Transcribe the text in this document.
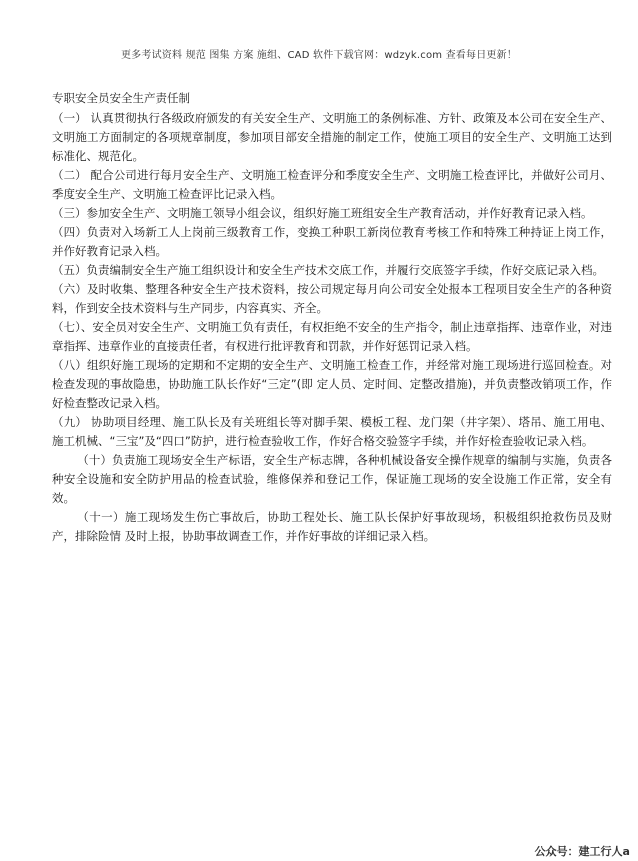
更多考试资料 规范 图集 方案 施组、CAD 软件下载官网：wdzyk.com 查看每日更新！
专职安全员安全生产责任制

（一） 认真贯彻执行各级政府颁发的有关安全生产、文明施工的条例标准、方针、政策及本公司在安全生产、文明施工方面制定的各项规章制度，参加项目部安全措施的制定工作，使施工项目的安全生产、文明施工达到标准化、规范化。

（二） 配合公司进行每月安全生产、文明施工检查评分和季度安全生产、文明施工检查评比，并做好公司月、季度安全生产、文明施工检查评比记录入档。

（三）参加安全生产、文明施工领导小组会议，组织好施工班组安全生产教育活动，并作好教育记录入档。

（四）负责对入场新工人上岗前三级教育工作，变换工种职工新岗位教育考核工作和特殊工种持证上岗工作，并作好教育记录入档。

（五）负责编制安全生产施工组织设计和安全生产技术交底工作，并履行交底签字手续，作好交底记录入档。

（六）及时收集、整理各种安全生产技术资料，按公司规定每月向公司安全处报本工程项目安全生产的各种资料，作到安全技术资料与生产同步，内容真实、齐全。

（七）、安全员对安全生产、文明施工负有责任，有权拒绝不安全的生产指令，制止违章指挥、违章作业，对违章指挥、违章作业的直接责任者，有权进行批评教育和罚款，并作好惩罚记录入档。

（八）组织好施工现场的定期和不定期的安全生产、文明施工检查工作，并经常对施工现场进行巡回检查。对检查发现的事故隐患，协助施工队长作好“三定”(即 定人员、定时间、定整改措施)，并负责整改销项工作，作好检查整改记录入档。

（九） 协助项目经理、施工队长及有关班组长等对脚手架、模板工程、龙门架（井字架）、塔吊、施工用电、施工机械、“三宝”及“四口”防护，进行检查验收工作，作好合格交验签字手续，并作好检查验收记录入档。

（十）负责施工现场安全生产标语，安全生产标志牌，各种机械设备安全操作规章的编制与实施，负责各种安全设施和安全防护用品的检查试验，维修保养和登记工作，保证施工现场的安全设施工作正常，安全有效。

（十一）施工现场发生伤亡事故后，协助工程处长、施工队长保护好事故现场，积极组织抢救伤员及财产，排除险情 及时上报，协助事故调查工作，并作好事故的详细记录入档。

公众号：建工行人a
